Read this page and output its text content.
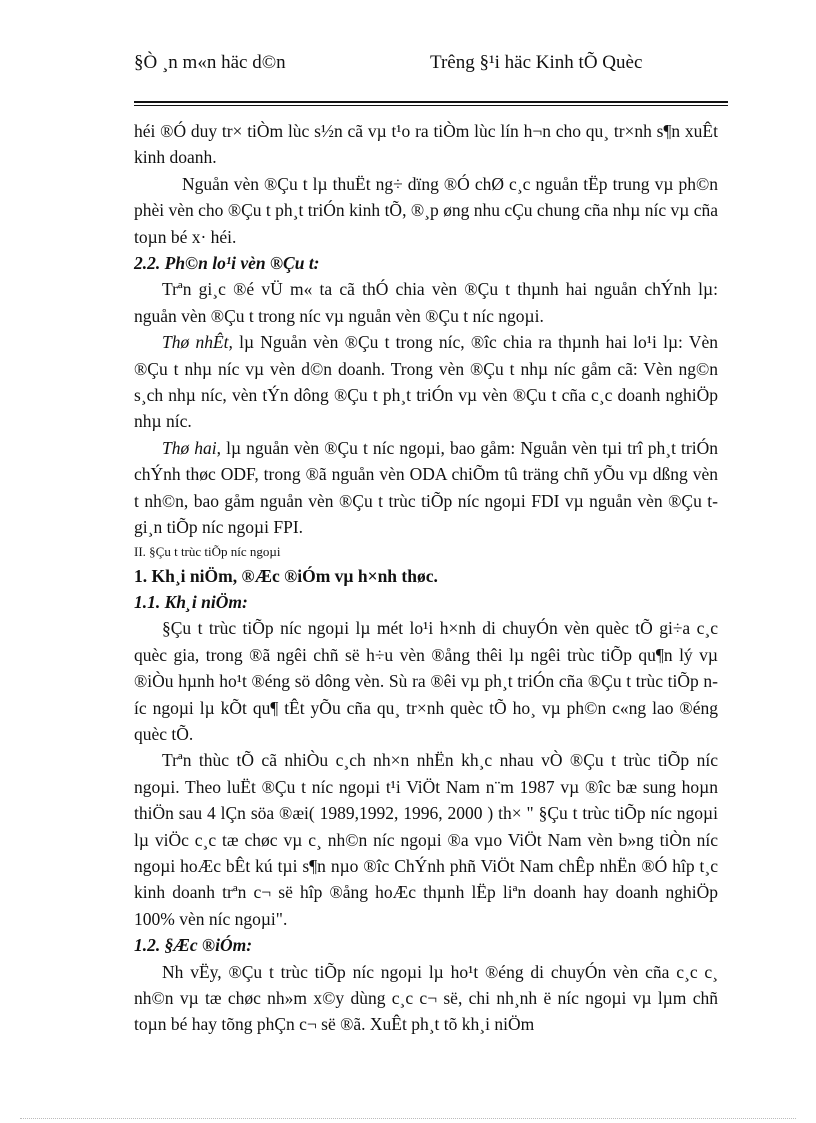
§Ò ¸n m«n häc d©n	Trêng §¹i häc Kinh tÕ Quèc

héi ®Ó duy tr× tiÒm lùc s½n cã vµ t¹o ra tiÒm lùc lín h¬n cho qu¸ tr×nh s¶n xuÊt kinh doanh.

Nguån vèn ®Çu t lµ thuËt ng÷ dïng ®Ó chØ c¸c nguån tËp trung vµ ph©n phèi vèn cho ®Çu t ph¸t triÓn kinh tÕ, ®¸p øng nhu cÇu chung cña nhµ níc vµ cña toµn bé x· héi.

2.2. Ph©n lo¹i vèn ®Çu t:

Trªn gi¸c ®é vÜ m« ta cã thÓ chia vèn ®Çu t thµnh hai nguån chÝnh lµ: nguån vèn ®Çu t trong níc vµ nguån vèn ®Çu t níc ngoµi.

Thø nhÊt, lµ Nguån vèn ®Çu t trong níc, ®îc chia ra thµnh hai lo¹i lµ: Vèn ®Çu t nhµ níc vµ vèn d©n doanh. Trong vèn ®Çu t nhµ níc gåm cã: Vèn ng©n s¸ch nhµ níc, vèn tÝn dông ®Çu t ph¸t triÓn vµ vèn ®Çu t cña c¸c doanh nghiÖp nhµ níc.

Thø hai, lµ nguån vèn ®Çu t níc ngoµi, bao gåm: Nguån vèn tµi trî ph¸t triÓn chÝnh thøc ODF, trong ®ã nguån vèn ODA chiÕm tû träng chñ yÕu vµ dßng vèn t nh©n, bao gåm nguån vèn ®Çu t trùc tiÕp níc ngoµi FDI vµ nguån vèn ®Çu t gi¸n tiÕp níc ngoµi FPI.

II. §Çu t trùc tiÕp níc ngoµi

1. Kh¸i niÖm, ®Æc ®iÓm vµ h×nh thøc.

1.1. Kh¸i niÖm:

§Çu t trùc tiÕp níc ngoµi lµ mét lo¹i h×nh di chuyÓn vèn quèc tÕ gi÷a c¸c quèc gia, trong ®ã ngêi chñ së h÷u vèn ®ång thêi lµ ngêi trùc tiÕp qu¶n lý vµ ®iÒu hµnh ho¹t ®éng sö dông vèn. Sù ra ®êi vµ ph¸t triÓn cña ®Çu t trùc tiÕp níc ngoµi lµ kÕt qu¶ tÊt yÕu cña qu¸ tr×nh quèc tÕ ho¸ vµ ph©n c«ng lao ®éng quèc tÕ.

Trªn thùc tÕ cã nhiÒu c¸ch nh×n nhËn kh¸c nhau vÒ ®Çu t trùc tiÕp níc ngoµi. Theo luËt ®Çu t níc ngoµi t¹i ViÖt Nam n¨m 1987 vµ ®îc bæ sung hoµn thiÖn sau 4 lÇn söa ®æi( 1989,1992, 1996, 2000 ) th× " §Çu t trùc tiÕp níc ngoµi lµ viÖc c¸c tæ chøc vµ c¸ nh©n níc ngoµi ®a vµo ViÖt Nam vèn b»ng tiÒn níc ngoµi hoÆc bÊt kú tµi s¶n nµo ®îc ChÝnh phñ ViÖt Nam chÊp nhËn ®Ó hîp t¸c kinh doanh trªn c¬ së hîp ®ång hoÆc thµnh lËp liªn doanh hay doanh nghiÖp 100% vèn níc ngoµi".

1.2. §Æc ®iÓm:

Nh vËy, ®Çu t trùc tiÕp níc ngoµi lµ ho¹t ®éng di chuyÓn vèn cña c¸c c¸ nh©n vµ tæ chøc nh»m x©y dùng c¸c c¬ së, chi nh¸nh ë níc ngoµi vµ lµm chñ toµn bé hay tõng phÇn c¬ së ®ã. XuÊt ph¸t tõ kh¸i niÖm
